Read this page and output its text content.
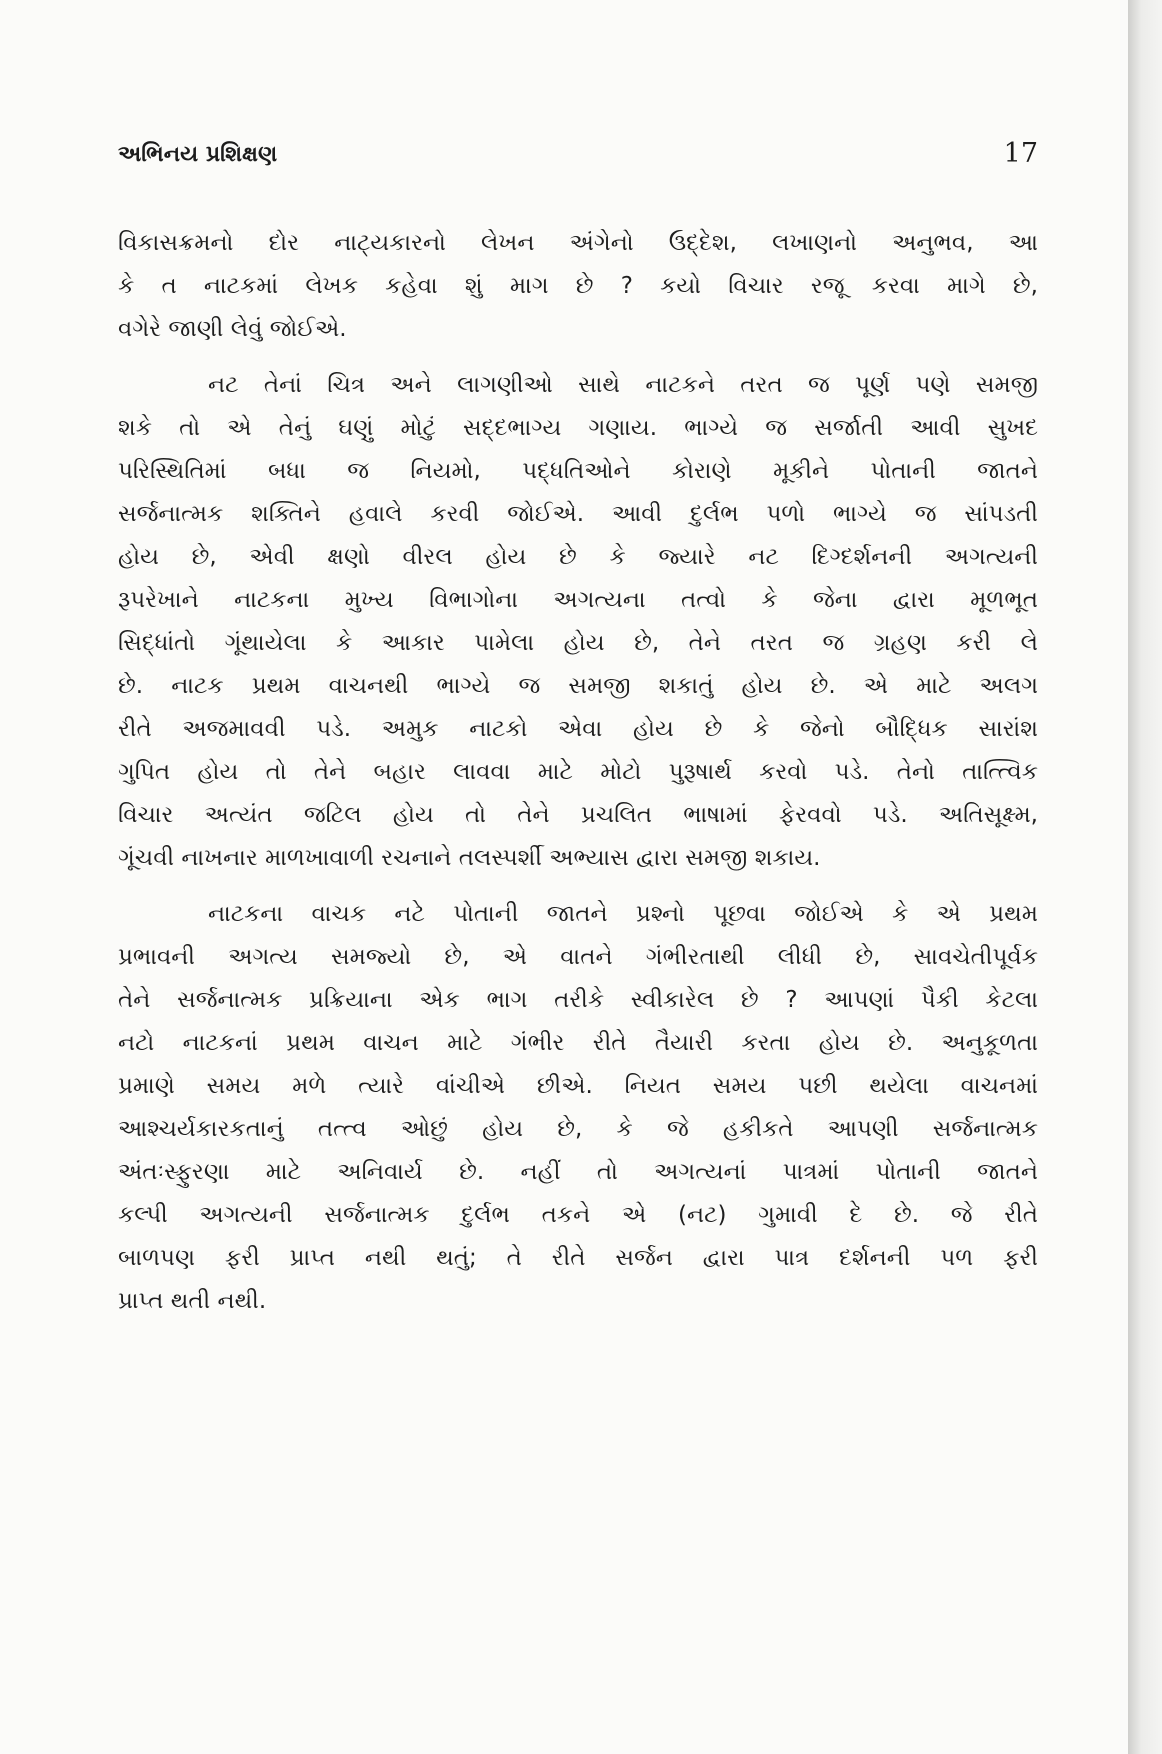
અભિનય પ્રશિક્ષણ	17
વિકાસક્રમનો દોર નાટ્યકારનો લેખન અંગેનો ઉદ્દેશ, લખાણનો અનુભવ, આ
કે ત નાટકમાં લેખક કહેવા શું માગ છે ? કયો વિચાર રજૂ કરવા માગે છે,
વગેરે જાણી લેવું જોઈએ.
નટ તેનાં ચિત્ર અને લાગણીઓ સાથે નાટકને તરત જ પૂર્ણ પણે સમજી
શકે તો એ તેનું ઘણું મોટું સદ્દભાગ્ય ગણાય. ભાગ્યે જ સર્જાતી આવી સુખદ
પરિસ્થિતિમાં બધા જ નિયમો, પદ્ધતિઓને કોરાણે મૂકીને પોતાની જાતને
સર્જનાત્મક શક્તિને હવાલે કરવી જોઈએ. આવી દુર્લભ પળો ભાગ્યે જ સાંપડતી
હોય છે, એવી ક્ષણો વીરલ હોય છે કે જ્યારે નટ દિગ્દર્શનની અગત્યની
રૂપરેખાને નાટકના મુખ્ય વિભાગોના અગત્યના તત્વો કે જેના દ્વારા મૂળભૂત
સિદ્ધાંતો ગૂંથાયેલા કે આકાર પામેલા હોય છે, તેને તરત જ ગ્રહણ કરી લે
છે. નાટક પ્રથમ વાચનથી ભાગ્યે જ સમજી શકાતું હોય છે. એ માટે અલગ
રીતે અજમાવવી પડે. અમુક નાટકો એવા હોય છે કે જેનો બૌદ્ધિક સારાંશ
ગુપિત હોય તો તેને બહાર લાવવા માટે મોટો પુરૂષાર્થ કરવો પડે. તેનો તાત્ત્વિક
વિચાર અત્યંત જટિલ હોય તો તેને પ્રચલિત ભાષામાં ફેરવવો પડે. અતિસૂક્ષ્મ,
ગૂંચવી નાખનાર માળખાવાળી રચનાને તલસ્પર્શી અભ્યાસ દ્વારા સમજી શકાય.
નાટકના વાચક નટે પોતાની જાતને પ્રશ્નો પૂછવા જોઈએ કે એ પ્રથમ
પ્રભાવની અગત્ય સમજ્યો છે, એ વાતને ગંભીરતાથી લીધી છે, સાવચેતીપૂર્વક
તેને સર્જનાત્મક પ્રક્રિયાના એક ભાગ તરીકે સ્વીકારેલ છે ? આપણાં પૈકી કેટલા
નટો નાટકનાં પ્રથમ વાચન માટે ગંભીર રીતે તૈયારી કરતા હોય છે. અનુકૂળતા
પ્રમાણે સમય મળે ત્યારે વાંચીએ છીએ. નિયત સમય પછી થયેલા વાચનમાં
આશ્ચર્યકારકતાનું તત્ત્વ ઓછું હોય છે, કે જે હકીકતે આપણી સર્જનાત્મક
અંતઃસ્ફુરણા માટે અનિવાર્ય છે. નહીં તો અગત્યનાં પાત્રમાં પોતાની જાતને
કલ્પી અગત્યની સર્જનાત્મક દુર્લભ તકને એ (નટ) ગુમાવી દે છે. જે રીતે
બાળપણ ફરી પ્રાપ્ત નથી થતું; તે રીતે સર્જન દ્વારા પાત્ર દર્શનની પળ ફરી
પ્રાપ્ત થતી નથી.
